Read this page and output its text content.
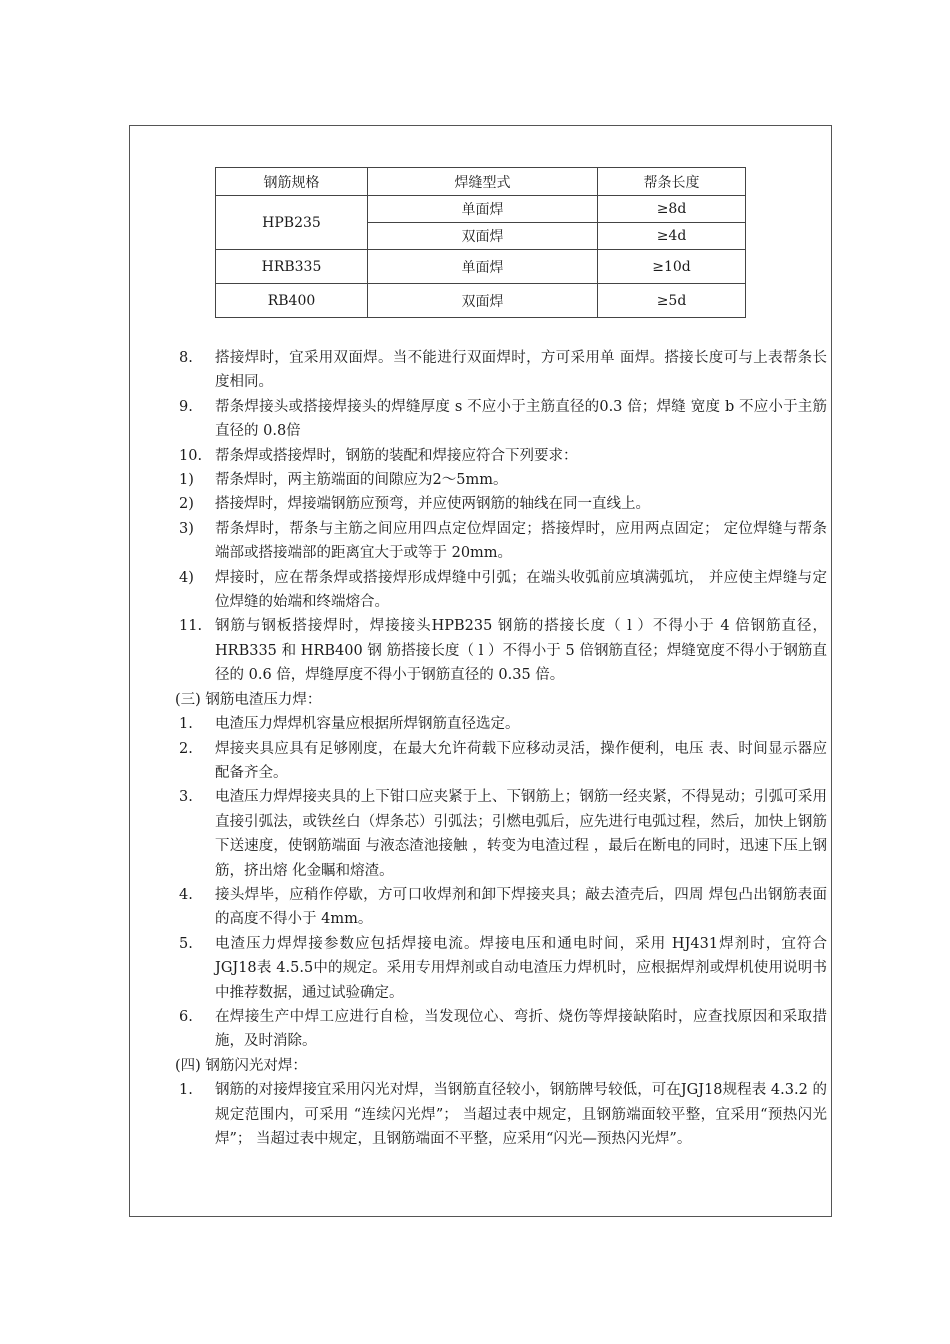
钢筋规格	焊缝型式	帮条长度
HPB235	单面焊	≥8d
	双面焊	≥4d
HRB335	单面焊	≥10d
RB400	双面焊	≥5d
8.	搭接焊时，宜采用双面焊。当不能进行双面焊时，方可采用单 面焊。搭接长度可与上表帮条长度相同。
9.	帮条焊接头或搭接焊接头的焊缝厚度 s 不应小于主筋直径的0.3 倍；焊缝 宽度 b 不应小于主筋直径的 0.8倍
10. 帮条焊或搭接焊时，钢筋的装配和焊接应符合下列要求：
1)	帮条焊时，两主筋端面的间隙应为2～5mm。
2)	搭接焊时，焊接端钢筋应预弯，并应使两钢筋的轴线在同一直线上。
3)	帮条焊时，帮条与主筋之间应用四点定位焊固定；搭接焊时，应用两点固定； 定位焊缝与帮条端部或搭接端部的距离宜大于或等于 20mm。
4)	焊接时，应在帮条焊或搭接焊形成焊缝中引弧；在端头收弧前应填满弧坑， 并应使主焊缝与定位焊缝的始端和终端熔合。
11. 钢筋与钢板搭接焊时，焊接接头HPB235 钢筋的搭接长度（ l ）不得小于 4 倍钢筋直径，HRB335 和 HRB400 钢 筋搭接长度（ l ）不得小于 5 倍钢筋直径；焊缝宽度不得小于钢筋直径的 0.6 倍，焊缝厚度不得小于钢筋直径的 0.35 倍。
(三) 钢筋电渣压力焊：
1.	电渣压力焊焊机容量应根据所焊钢筋直径选定。
2.	焊接夹具应具有足够刚度，在最大允许荷载下应移动灵活，操作便利，电压 表、时间显示器应配备齐全。
3.	电渣压力焊焊接夹具的上下钳口应夹紧于上、下钢筋上；钢筋一经夹紧，不得晃动；引弧可采用直接引弧法，或铁丝白（焊条芯）引弧法；引燃电弧后，应先进行电弧过程，然后，加快上钢筋下送速度，使钢筋端面 与液态渣池接触 ，转变为电渣过程 ，最后在断电的同时，迅速下压上钢筋，挤出熔 化金瞩和熔渣。
4.	接头焊毕，应稍作停歇，方可口收焊剂和卸下焊接夹具；敲去渣壳后，四周 焊包凸出钢筋表面的高度不得小于 4mm。
5.	电渣压力焊焊接参数应包括焊接电流。焊接电压和通电时间，采用 HJ431焊剂时，宜符合JGJ18表 4.5.5中的规定。采用专用焊剂或自动电渣压力焊机时，应根据焊剂或焊机使用说明书中推荐数据，通过试验确定。
6.	在焊接生产中焊工应进行自检，当发现位心、弯折、烧伤等焊接缺陷时，应查找原因和采取措施，及时消除。
(四) 钢筋闪光对焊：
1.	钢筋的对接焊接宜采用闪光对焊，当钢筋直径较小，钢筋牌号较低，可在JGJ18规程表 4.3.2 的规定范围内，可采用 “连续闪光焊”； 当超过表中规定，且钢筋端面较平整，宜采用“预热闪光焊”； 当超过表中规定，且钢筋端面不平整，应采用“闪光—预热闪光焊”。
